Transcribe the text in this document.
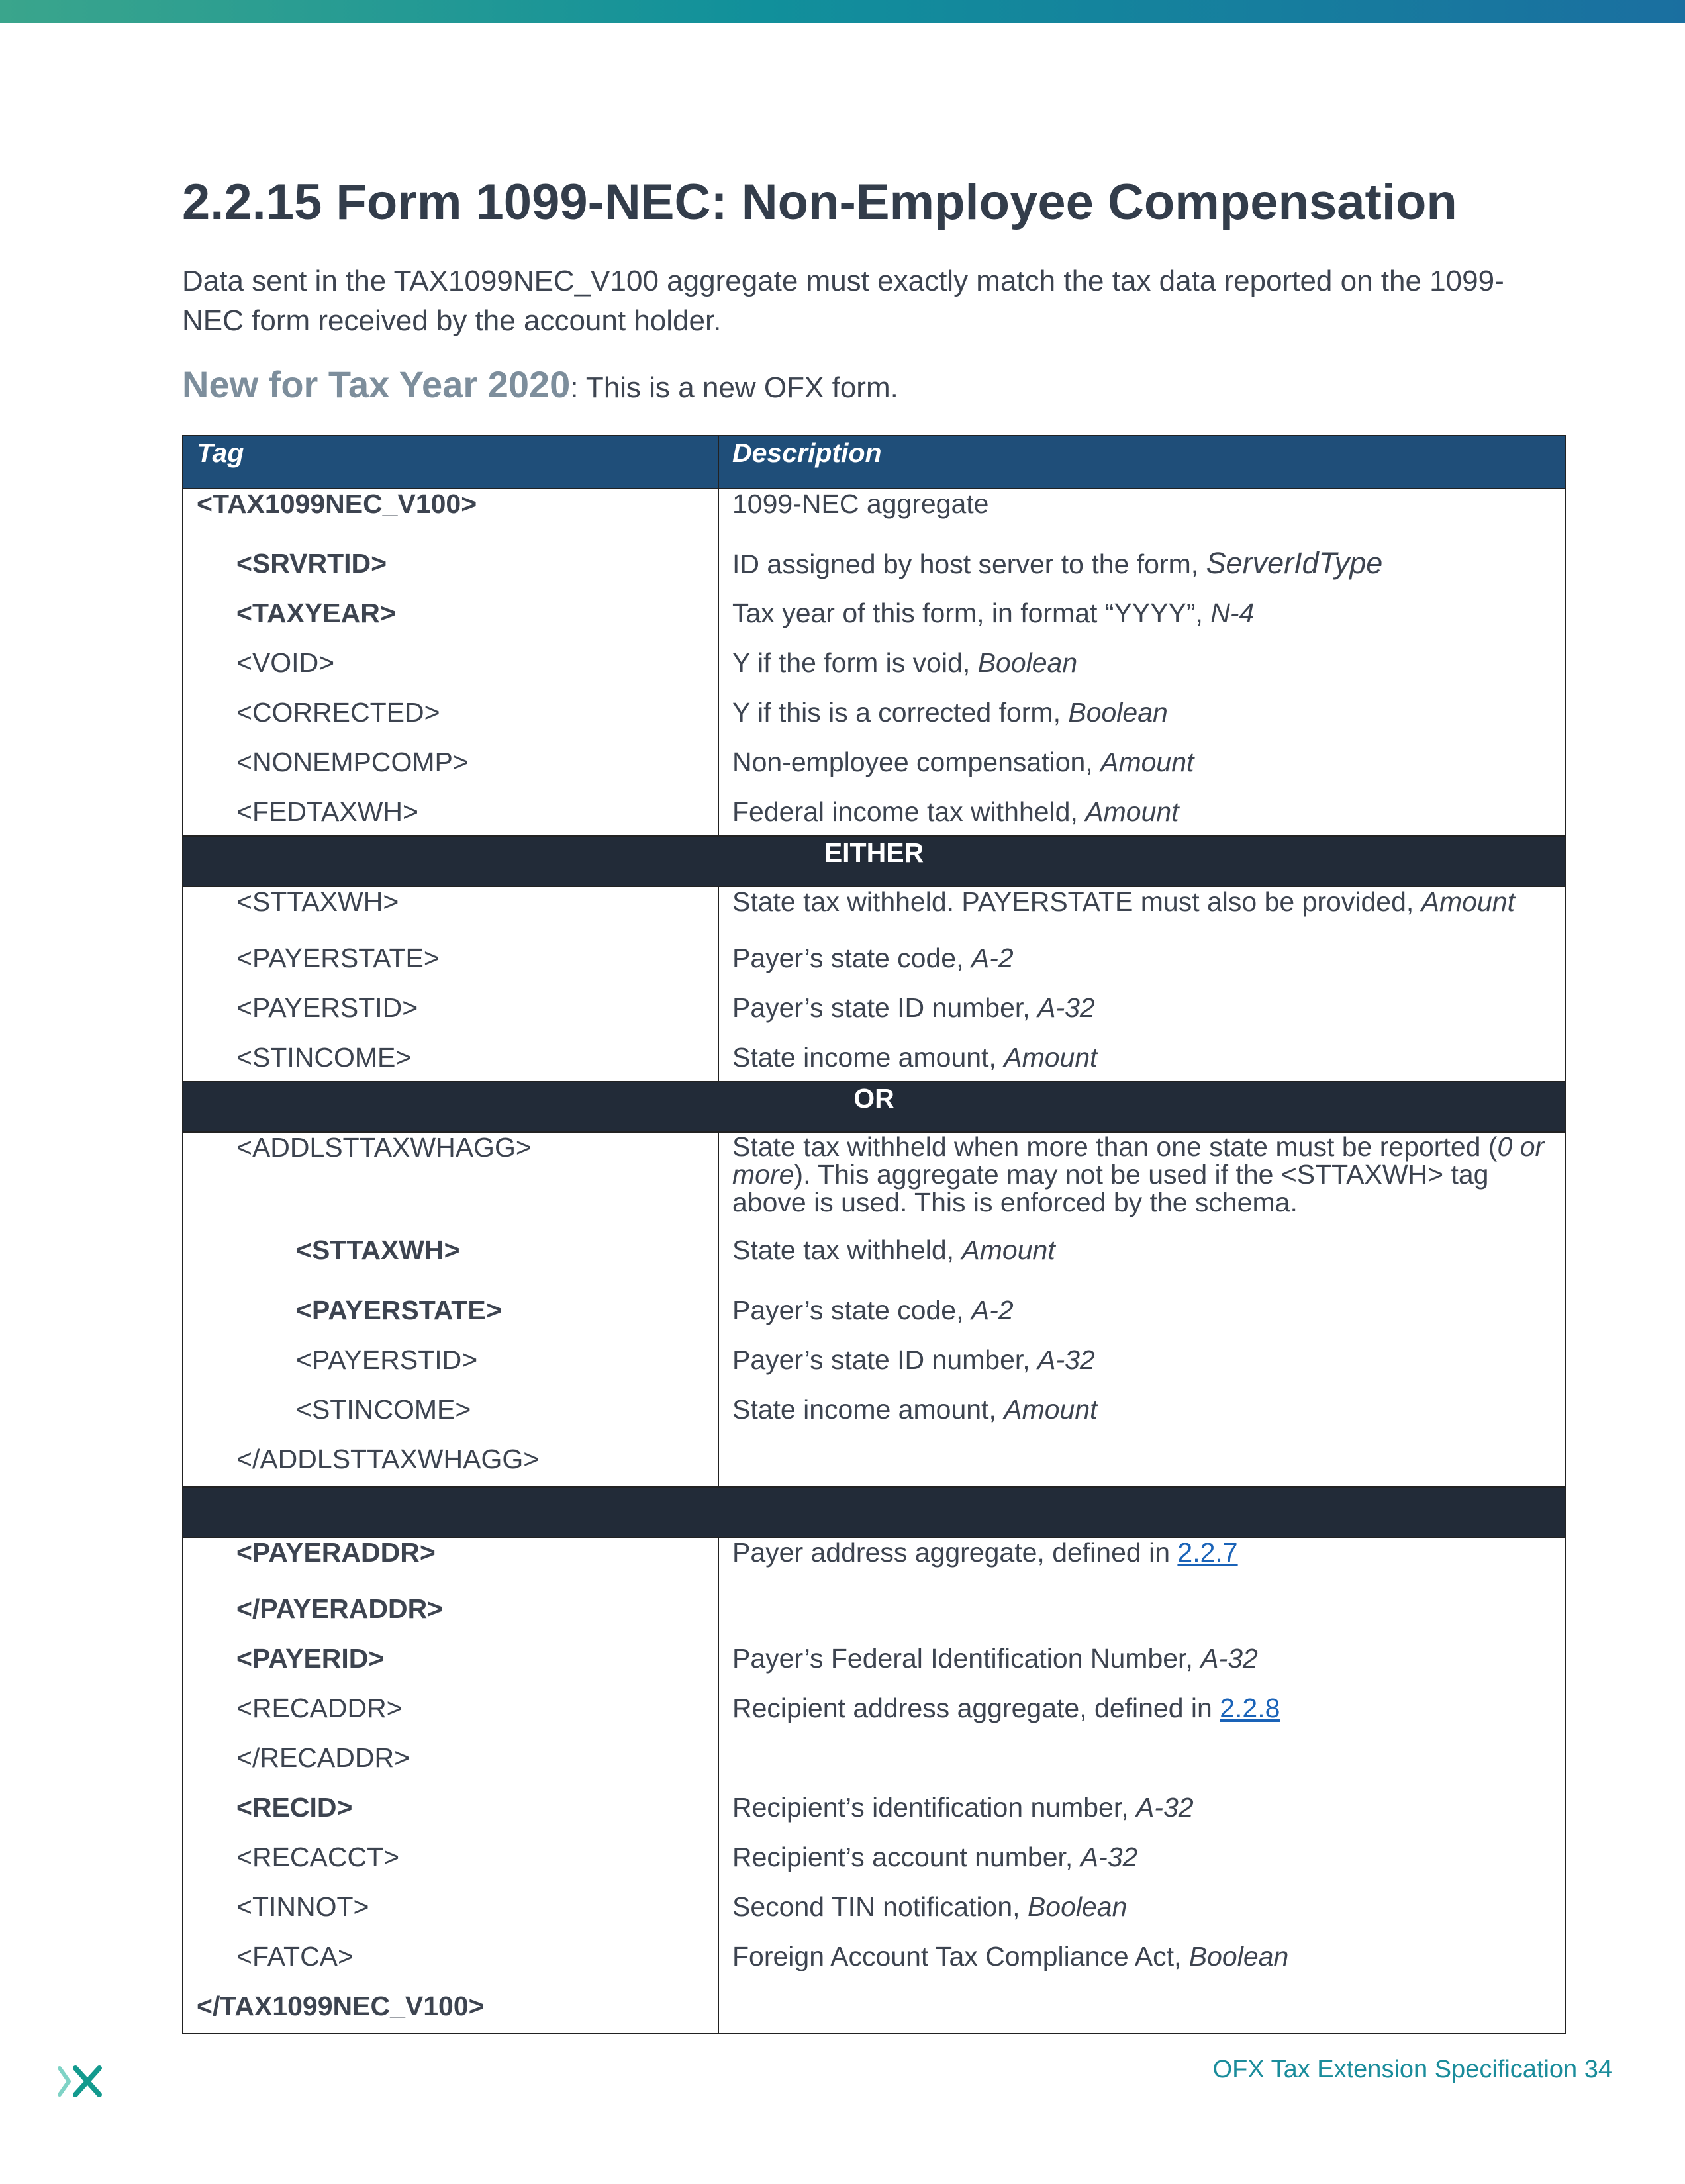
2.2.15 Form 1099-NEC: Non-Employee Compensation

Data sent in the TAX1099NEC_V100 aggregate must exactly match the tax data reported on the 1099-NEC form received by the account holder.

New for Tax Year 2020: This is a new OFX form.

Tag	Description
<TAX1099NEC_V100>	1099-NEC aggregate
<SRVRTID>	ID assigned by host server to the form, ServerIdType
<TAXYEAR>	Tax year of this form, in format “YYYY”, N-4
<VOID>	Y if the form is void, Boolean
<CORRECTED>	Y if this is a corrected form, Boolean
<NONEMPCOMP>	Non-employee compensation, Amount
<FEDTAXWH>	Federal income tax withheld, Amount
EITHER	
<STTAXWH>	State tax withheld. PAYERSTATE must also be provided, Amount
<PAYERSTATE>	Payer’s state code, A-2
<PAYERSTID>	Payer’s state ID number, A-32
<STINCOME>	State income amount, Amount
OR	
<ADDLSTTAXWHAGG>	State tax withheld when more than one state must be reported (0 or more). This aggregate may not be used if the <STTAXWH> tag above is used. This is enforced by the schema.
<STTAXWH>	State tax withheld, Amount
<PAYERSTATE>	Payer’s state code, A-2
<PAYERSTID>	Payer’s state ID number, A-32
<STINCOME>	State income amount, Amount
</ADDLSTTAXWHAGG>	

<PAYERADDR>	Payer address aggregate, defined in 2.2.7
</PAYERADDR>	
<PAYERID>	Payer’s Federal Identification Number, A-32
<RECADDR>	Recipient address aggregate, defined in 2.2.8
</RECADDR>	
<RECID>	Recipient’s identification number, A-32
<RECACCT>	Recipient’s account number, A-32
<TINNOT>	Second TIN notification, Boolean
<FATCA>	Foreign Account Tax Compliance Act, Boolean
</TAX1099NEC_V100>	

OFX Tax Extension Specification 34
